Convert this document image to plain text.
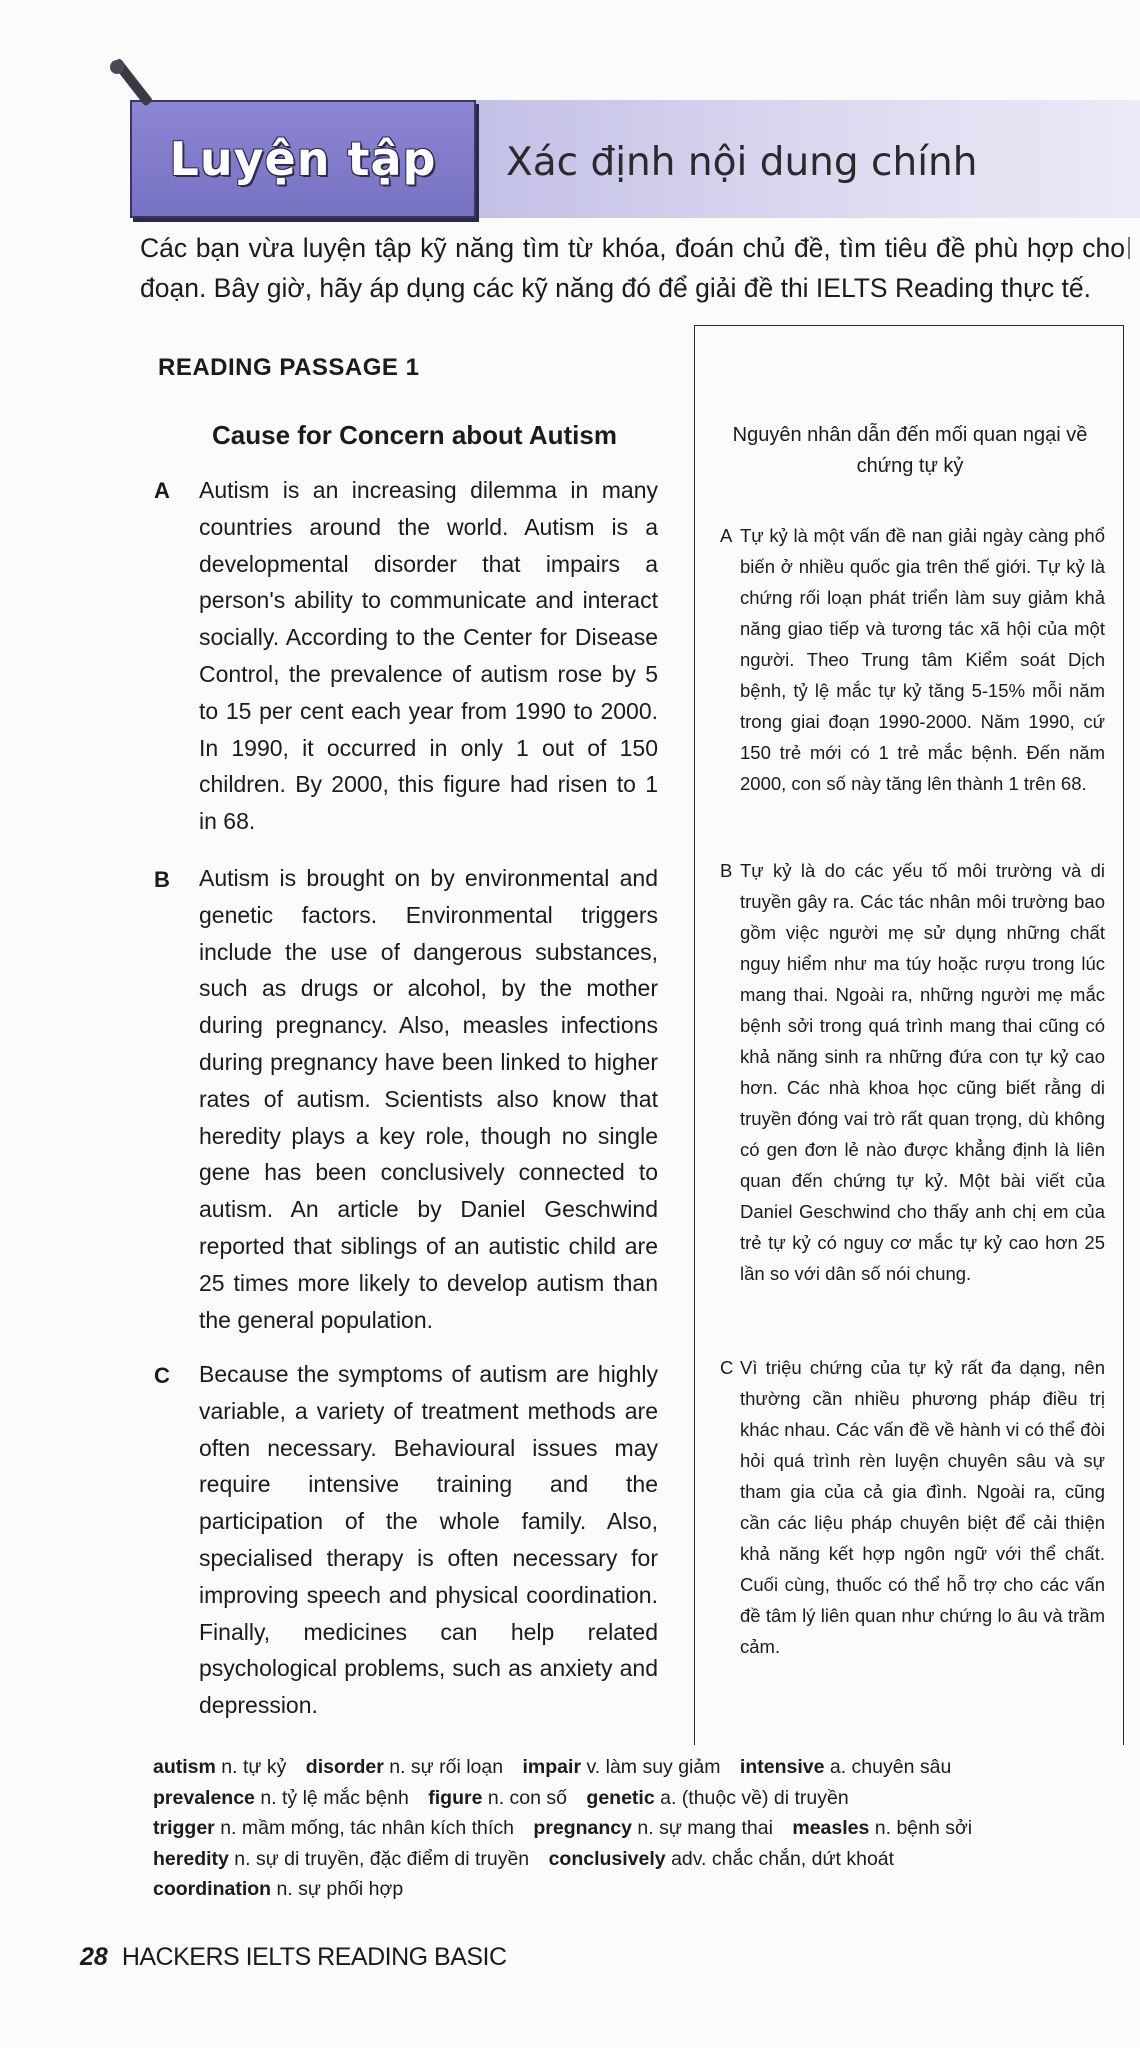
Luyện tập	Xác định nội dung chính
Các bạn vừa luyện tập kỹ năng tìm từ khóa, đoán chủ đề, tìm tiêu đề phù hợp cho đoạn. Bây giờ, hãy áp dụng các kỹ năng đó để giải đề thi IELTS Reading thực tế.
READING PASSAGE 1
Cause for Concern about Autism
A	Autism is an increasing dilemma in many countries around the world. Autism is a developmental disorder that impairs a person's ability to communicate and interact socially. According to the Center for Disease Control, the prevalence of autism rose by 5 to 15 per cent each year from 1990 to 2000. In 1990, it occurred in only 1 out of 150 children. By 2000, this figure had risen to 1 in 68.
B	Autism is brought on by environmental and genetic factors. Environmental triggers include the use of dangerous substances, such as drugs or alcohol, by the mother during pregnancy. Also, measles infections during pregnancy have been linked to higher rates of autism. Scientists also know that heredity plays a key role, though no single gene has been conclusively connected to autism. An article by Daniel Geschwind reported that siblings of an autistic child are 25 times more likely to develop autism than the general population.
C	Because the symptoms of autism are highly variable, a variety of treatment methods are often necessary. Behavioural issues may require intensive training and the participation of the whole family. Also, specialised therapy is often necessary for improving speech and physical coordination. Finally, medicines can help related psychological problems, such as anxiety and depression.
Nguyên nhân dẫn đến mối quan ngại về chứng tự kỷ
A Tự kỷ là một vấn đề nan giải ngày càng phổ biến ở nhiều quốc gia trên thế giới. Tự kỷ là chứng rối loạn phát triển làm suy giảm khả năng giao tiếp và tương tác xã hội của một người. Theo Trung tâm Kiểm soát Dịch bệnh, tỷ lệ mắc tự kỷ tăng 5-15% mỗi năm trong giai đoạn 1990-2000. Năm 1990, cứ 150 trẻ mới có 1 trẻ mắc bệnh. Đến năm 2000, con số này tăng lên thành 1 trên 68.
B Tự kỷ là do các yếu tố môi trường và di truyền gây ra. Các tác nhân môi trường bao gồm việc người mẹ sử dụng những chất nguy hiểm như ma túy hoặc rượu trong lúc mang thai. Ngoài ra, những người mẹ mắc bệnh sởi trong quá trình mang thai cũng có khả năng sinh ra những đứa con tự kỷ cao hơn. Các nhà khoa học cũng biết rằng di truyền đóng vai trò rất quan trọng, dù không có gen đơn lẻ nào được khẳng định là liên quan đến chứng tự kỷ. Một bài viết của Daniel Geschwind cho thấy anh chị em của trẻ tự kỷ có nguy cơ mắc tự kỷ cao hơn 25 lần so với dân số nói chung.
C Vì triệu chứng của tự kỷ rất đa dạng, nên thường cần nhiều phương pháp điều trị khác nhau. Các vấn đề về hành vi có thể đòi hỏi quá trình rèn luyện chuyên sâu và sự tham gia của cả gia đình. Ngoài ra, cũng cần các liệu pháp chuyên biệt để cải thiện khả năng kết hợp ngôn ngữ với thể chất. Cuối cùng, thuốc có thể hỗ trợ cho các vấn đề tâm lý liên quan như chứng lo âu và trầm cảm.
autism n. tự kỷ disorder n. sự rối loạn impair v. làm suy giảm intensive a. chuyên sâu
prevalence n. tỷ lệ mắc bệnh figure n. con số genetic a. (thuộc về) di truyền
trigger n. mầm mống, tác nhân kích thích pregnancy n. sự mang thai measles n. bệnh sởi
heredity n. sự di truyền, đặc điểm di truyền conclusively adv. chắc chắn, dứt khoát
coordination n. sự phối hợp
28 HACKERS IELTS READING BASIC
